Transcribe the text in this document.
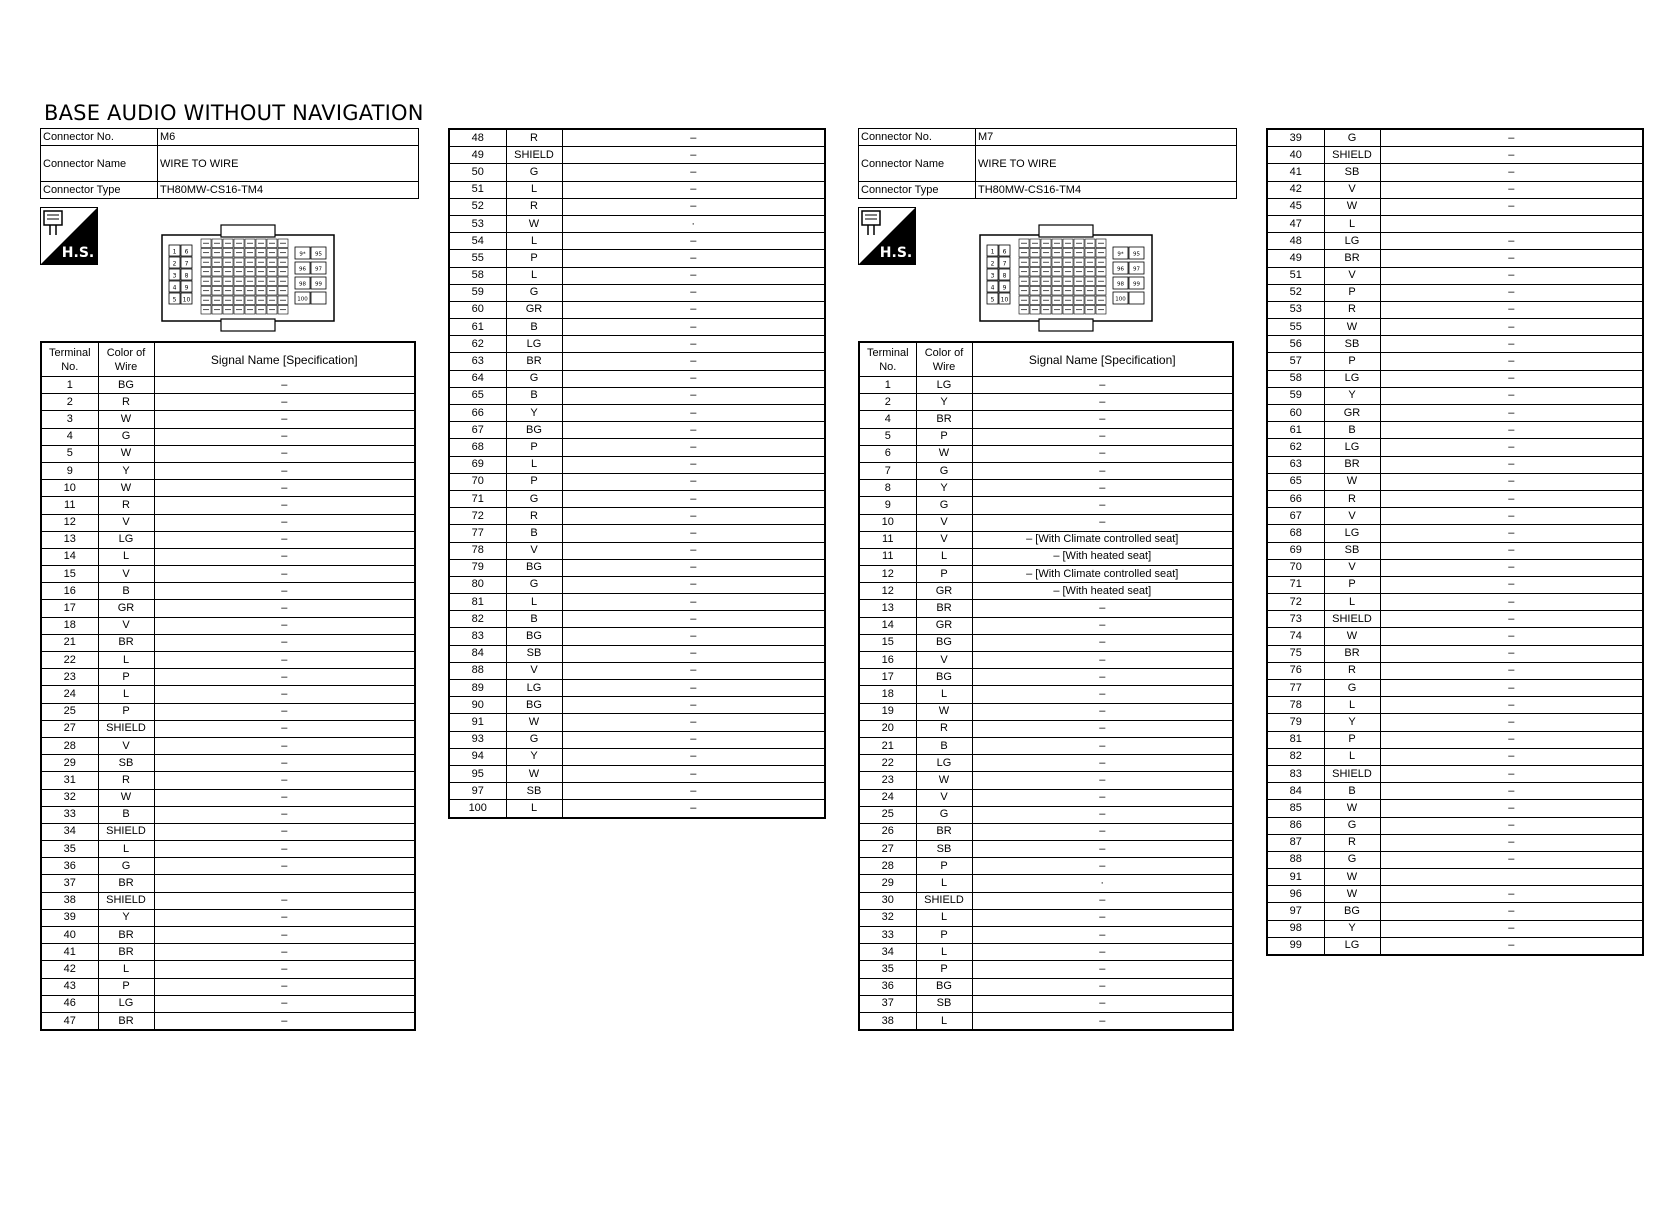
BASE AUDIO WITHOUT NAVIGATION
Connector No.	M6
Connector Name	WIRE TO WIRE
Connector Type	TH80MW-CS16-TM4
Connector No.	M7
Connector Name	WIRE TO WIRE
Connector Type	TH80MW-CS16-TM4
H.S.	H.S.
1 6
2 7
3 8
4 9
5 10
9* 95
96 97
98 99
100
1 6
2 7
3 8
4 9
5 10
9* 95
96 97
98 99
100
Terminal No.	Color of Wire	Signal Name [Specification]
1	BG	–
2	R	–
3	W	–
4	G	–
5	W	–
9	Y	–
10	W	–
11	R	–
12	V	–
13	LG	–
14	L	–
15	V	–
16	B	–
17	GR	–
18	V	–
21	BR	–
22	L	–
23	P	–
24	L	–
25	P	–
27	SHIELD	–
28	V	–
29	SB	–
31	R	–
32	W	–
33	B	–
34	SHIELD	–
35	L	–
36	G	–
37	BR	
38	SHIELD	–
39	Y	–
40	BR	–
41	BR	–
42	L	–
43	P	–
46	LG	–
47	BR	–
48	R	–
49	SHIELD	–
50	G	–
51	L	–
52	R	–
53	W	·
54	L	–
55	P	–
58	L	–
59	G	–
60	GR	–
61	B	–
62	LG	–
63	BR	–
64	G	–
65	B	–
66	Y	–
67	BG	–
68	P	–
69	L	–
70	P	–
71	G	–
72	R	–
77	B	–
78	V	–
79	BG	–
80	G	–
81	L	–
82	B	–
83	BG	–
84	SB	–
88	V	–
89	LG	–
90	BG	–
91	W	–
93	G	–
94	Y	–
95	W	–
97	SB	–
100	L	–
Terminal No.	Color of Wire	Signal Name [Specification]
1	LG	–
2	Y	–
4	BR	–
5	P	–
6	W	–
7	G	–
8	Y	–
9	G	–
10	V	–
11	V	– [With Climate controlled seat]
11	L	– [With heated seat]
12	P	– [With Climate controlled seat]
12	GR	– [With heated seat]
13	BR	–
14	GR	–
15	BG	–
16	V	–
17	BG	–
18	L	–
19	W	–
20	R	–
21	B	–
22	LG	–
23	W	–
24	V	–
25	G	–
26	BR	–
27	SB	–
28	P	–
29	L	·
30	SHIELD	–
32	L	–
33	P	–
34	L	–
35	P	–
36	BG	–
37	SB	–
38	L	–
39	G	–
40	SHIELD	–
41	SB	–
42	V	–
45	W	–
47	L	
48	LG	–
49	BR	–
51	V	–
52	P	–
53	R	–
55	W	–
56	SB	–
57	P	–
58	LG	–
59	Y	–
60	GR	–
61	B	–
62	LG	–
63	BR	–
65	W	–
66	R	–
67	V	–
68	LG	–
69	SB	–
70	V	–
71	P	–
72	L	–
73	SHIELD	–
74	W	–
75	BR	–
76	R	–
77	G	–
78	L	–
79	Y	–
81	P	–
82	L	–
83	SHIELD	–
84	B	–
85	W	–
86	G	–
87	R	–
88	G	–
91	W	
96	W	–
97	BG	–
98	Y	–
99	LG	–
